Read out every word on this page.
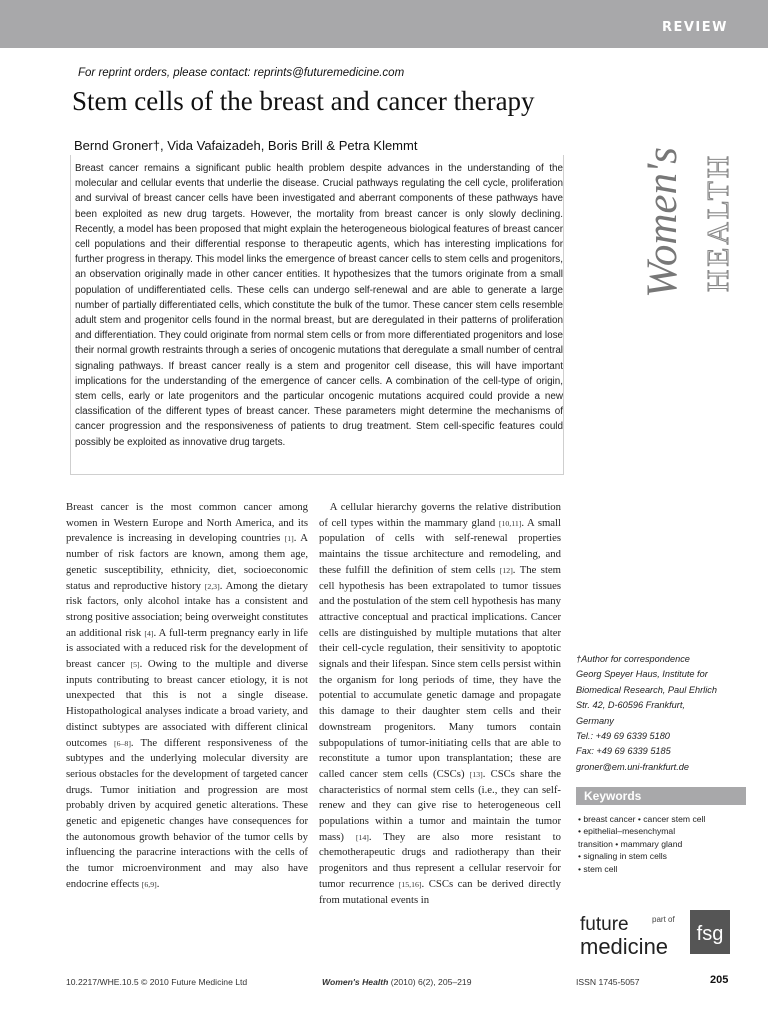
REVIEW
For reprint orders, please contact: reprints@futuremedicine.com
Stem cells of the breast and cancer therapy
Bernd Groner†, Vida Vafaizadeh, Boris Brill & Petra Klemmt
Women's HEALTH

Breast cancer remains a significant public health problem despite advances in the understanding of the molecular and cellular events that underlie the disease. Crucial pathways regulating the cell cycle, proliferation and survival of breast cancer cells have been investigated and aberrant components of these pathways have been exploited as new drug targets. However, the mortality from breast cancer is only slowly declining. Recently, a model has been proposed that might explain the heterogeneous biological features of breast cancer cell populations and their differential response to therapeutic agents, which has interesting implications for further progress in therapy. This model links the emergence of breast cancer cells to stem cells and progenitors, an observation originally made in other cancer entities. It hypothesizes that the tumors originate from a small population of undifferentiated cells. These cells can undergo self-renewal and are able to generate a large number of partially differentiated cells, which constitute the bulk of the tumor. These cancer stem cells resemble adult stem and progenitor cells found in the normal breast, but are deregulated in their patterns of proliferation and differentiation. They could originate from normal stem cells or from more differentiated progenitors and lose their normal growth restraints through a series of oncogenic mutations that deregulate a small number of central signaling pathways. If breast cancer really is a stem and progenitor cell disease, this will have important implications for the understanding of the emergence of cancer cells. A combination of the cell-type of origin, stem cells, early or late progenitors and the particular oncogenic mutations acquired could provide a new classification of the different types of breast cancer. These parameters might determine the mechanisms of cancer progression and the responsiveness of patients to drug treatment. Stem cell-specific features could possibly be exploited as innovative drug targets.

Breast cancer is the most common cancer among women in Western Europe and North America, and its prevalence is increasing in developing countries [1]. A number of risk factors are known, among them age, genetic susceptibility, ethnicity, diet, socioeconomic status and reproductive history [2,3]. Among the dietary risk factors, only alcohol intake has a consistent and strong positive association; being overweight constitutes an additional risk [4]. A full-term pregnancy early in life is associated with a reduced risk for the development of breast cancer [5]. Owing to the multiple and diverse inputs contributing to breast cancer etiology, it is not unexpected that this is not a single disease. Histopathological analyses indicate a broad variety, and distinct subtypes are associated with different clinical outcomes [6–8]. The different responsiveness of the subtypes and the underlying molecular diversity are serious obstacles for the development of targeted cancer drugs. Tumor initiation and progression are most probably driven by acquired genetic alterations. These genetic and epigenetic changes have consequences for the autonomous growth behavior of the tumor cells by influencing the paracrine interactions with the cells of the tumor microenvironment and may also have endocrine effects [6,9].

 A cellular hierarchy governs the relative distribution of cell types within the mammary gland [10,11]. A small population of cells with self-renewal properties maintains the tissue architecture and remodeling, and these fulfill the definition of stem cells [12]. The stem cell hypothesis has been extrapolated to tumor tissues and the postulation of the stem cell hypothesis has many attractive conceptual and practical implications. Cancer cells are distinguished by multiple mutations that alter their cell-cycle regulation, their sensitivity to apoptotic signals and their lifespan. Since stem cells persist within the organism for long periods of time, they have the potential to accumulate genetic damage and propagate this damage to their daughter stem cells and their downstream progenitors. Many tumors contain subpopulations of tumor-initiating cells that are able to reconstitute a tumor upon transplantation; these are called cancer stem cells (CSCs) [13]. CSCs share the characteristics of normal stem cells (i.e., they can self-renew and they can give rise to heterogeneous cell populations within a tumor and maintain the tumor mass) [14]. They are also more resistant to chemotherapeutic drugs and radiotherapy than their progenitors and thus represent a cellular reservoir for tumor recurrence [15,16]. CSCs can be derived directly from mutational events in

†Author for correspondence
Georg Speyer Haus, Institute for
Biomedical Research, Paul Ehrlich
Str. 42, D-60596 Frankfurt,
Germany
Tel.: +49 69 6339 5180
Fax: +49 69 6339 5185
groner@em.uni-frankfurt.de
Keywords
• breast cancer • cancer stem cell
• epithelial–mesenchymal
transition • mammary gland
• signaling in stem cells
• stem cell
future
medicine
part of
fsg
10.2217/WHE.10.5 © 2010 Future Medicine Ltd	Women's Health (2010) 6(2), 205–219	ISSN 1745-5057	205
